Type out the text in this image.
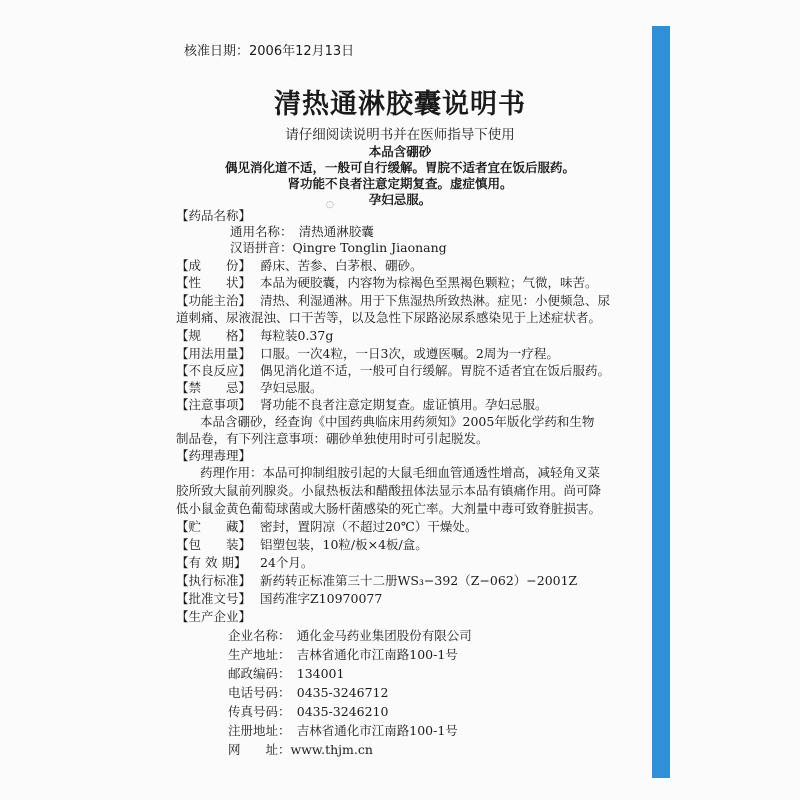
核准日期：2006年12月13日
清热通淋胶囊说明书
请仔细阅读说明书并在医师指导下使用
本品含硼砂
偶见消化道不适，一般可自行缓解。胃脘不适者宜在饭后服药。
肾功能不良者注意定期复查。虚症慎用。
孕妇忌服。
◌
【药品名称】
通用名称：　清热通淋胶囊
汉语拼音：Qingre Tonglin Jiaonang
【成　　份】 爵床、苦参、白茅根、硼砂。
【性　　状】 本品为硬胶囊，内容物为棕褐色至黑褐色颗粒；气微，味苦。
【功能主治】 清热、利湿通淋。用于下焦湿热所致热淋。症见：小便频急、尿
道刺痛、尿液混浊、口干苦等，以及急性下尿路泌尿系感染见于上述症状者。
【规　　格】 每粒装0.37g
【用法用量】 口服。一次4粒，一日3次，或遵医嘱。2周为一疗程。
【不良反应】 偶见消化道不适，一般可自行缓解。胃脘不适者宜在饭后服药。
【禁　　忌】 孕妇忌服。
【注意事项】 肾功能不良者注意定期复查。虚证慎用。孕妇忌服。
本品含硼砂，经查询《中国药典临床用药须知》2005年版化学药和生物
制品卷，有下列注意事项：硼砂单独使用时可引起脱发。
【药理毒理】
药理作用：本品可抑制组胺引起的大鼠毛细血管通透性增高，减轻角叉菜
胶所致大鼠前列腺炎。小鼠热板法和醋酸扭体法显示本品有镇痛作用。尚可降
低小鼠金黄色葡萄球菌或大肠杆菌感染的死亡率。大剂量中毒可致脊脏损害。
【贮　　藏】 密封，置阴凉（不超过20℃）干燥处。
【包　　装】 铝塑包装，10粒/板×4板/盒。
【有 效 期】 24个月。
【执行标准】 新药转正标准第三十二册WS₃−392（Z−062）−2001Z
【批准文号】 国药准字Z10970077
【生产企业】
企业名称：　通化金马药业集团股份有限公司
生产地址：　吉林省通化市江南路100-1号
邮政编码：　134001
电话号码：　0435-3246712
传真号码：　0435-3246210
注册地址：　吉林省通化市江南路100-1号
网　　址：www.thjm.cn
